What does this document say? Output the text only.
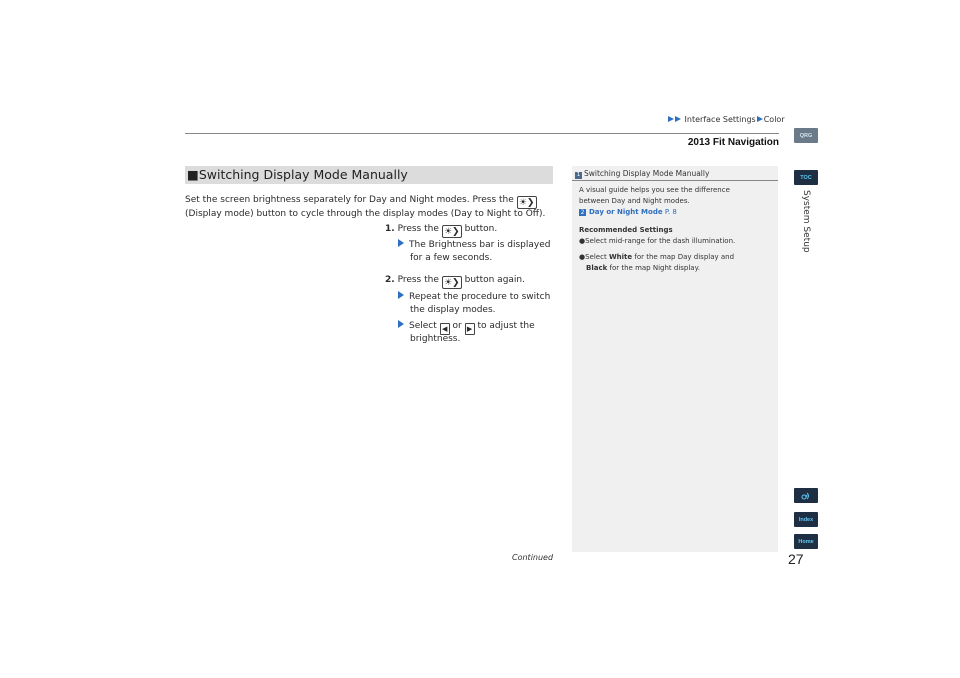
Interface Settings Color
2013 Fit Navigation
QRG
TOC
System Setup
Index
Home
■Switching Display Mode Manually
Set the screen brightness separately for Day and Night modes. Press the ☀❯
(Display mode) button to cycle through the display modes (Day to Night to Off).
1. Press the ☀❯ button.
The Brightness bar is displayed
for a few seconds.
2. Press the ☀❯ button again.
Repeat the procedure to switch
the display modes.
Select ◀ or ▶ to adjust the
brightness.
1 Switching Display Mode Manually
A visual guide helps you see the difference
between Day and Night modes.
2 Day or Night Mode P. 8
Recommended Settings
●Select mid-range for the dash illumination.
●Select White for the map Day display and
Black for the map Night display.
Continued	27
